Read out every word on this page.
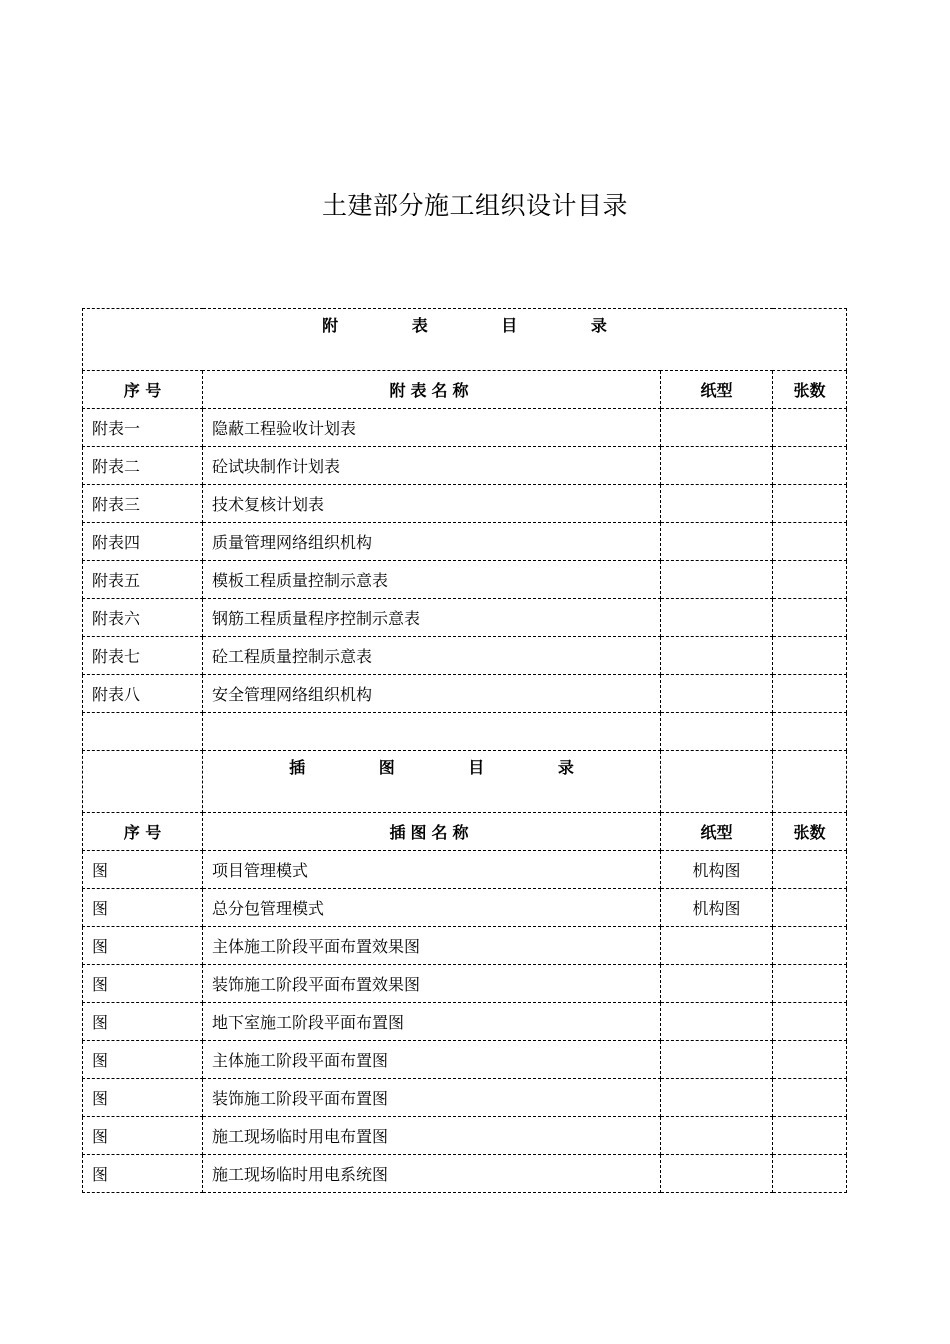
土建部分施工组织设计目录
附 表 目 录			
序 号	附表名称	纸型	张数
附表一	隐蔽工程验收计划表		
附表二	砼试块制作计划表		
附表三	技术复核计划表		
附表四	质量管理网络组织机构		
附表五	模板工程质量控制示意表		
附表六	钢筋工程质量程序控制示意表		
附表七	砼工程质量控制示意表		
附表八	安全管理网络组织机构		

	插 图 目 录		
序 号	插图名称	纸型	张数
图	项目管理模式	机构图	
图	总分包管理模式	机构图	
图	主体施工阶段平面布置效果图		
图	装饰施工阶段平面布置效果图		
图	地下室施工阶段平面布置图		
图	主体施工阶段平面布置图		
图	装饰施工阶段平面布置图		
图	施工现场临时用电布置图		
图	施工现场临时用电系统图		
